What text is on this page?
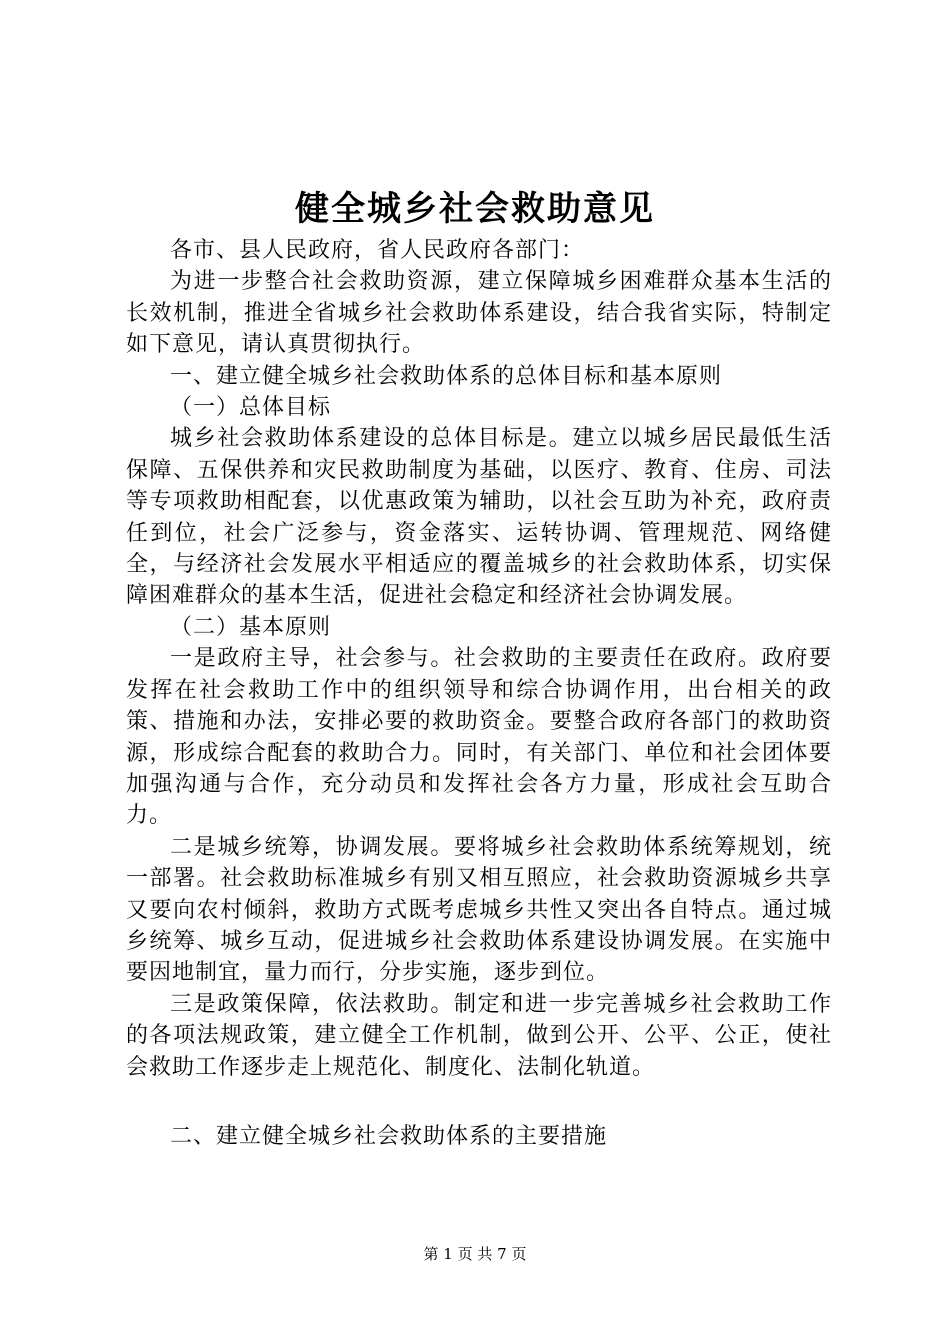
健全城乡社会救助意见

各市、县人民政府，省人民政府各部门：

为进一步整合社会救助资源，建立保障城乡困难群众基本生活的长效机制，推进全省城乡社会救助体系建设，结合我省实际，特制定如下意见，请认真贯彻执行。

一、建立健全城乡社会救助体系的总体目标和基本原则

（一）总体目标

城乡社会救助体系建设的总体目标是。建立以城乡居民最低生活保障、五保供养和灾民救助制度为基础，以医疗、教育、住房、司法等专项救助相配套，以优惠政策为辅助，以社会互助为补充，政府责任到位，社会广泛参与，资金落实、运转协调、管理规范、网络健全，与经济社会发展水平相适应的覆盖城乡的社会救助体系，切实保障困难群众的基本生活，促进社会稳定和经济社会协调发展。

（二）基本原则

一是政府主导，社会参与。社会救助的主要责任在政府。政府要发挥在社会救助工作中的组织领导和综合协调作用，出台相关的政策、措施和办法，安排必要的救助资金。要整合政府各部门的救助资源，形成综合配套的救助合力。同时，有关部门、单位和社会团体要加强沟通与合作，充分动员和发挥社会各方力量，形成社会互助合力。

二是城乡统筹，协调发展。要将城乡社会救助体系统筹规划，统一部署。社会救助标准城乡有别又相互照应，社会救助资源城乡共享又要向农村倾斜，救助方式既考虑城乡共性又突出各自特点。通过城乡统筹、城乡互动，促进城乡社会救助体系建设协调发展。在实施中要因地制宜，量力而行，分步实施，逐步到位。

三是政策保障，依法救助。制定和进一步完善城乡社会救助工作的各项法规政策，建立健全工作机制，做到公开、公平、公正，使社会救助工作逐步走上规范化、制度化、法制化轨道。

二、建立健全城乡社会救助体系的主要措施

第 1 页 共 7 页
